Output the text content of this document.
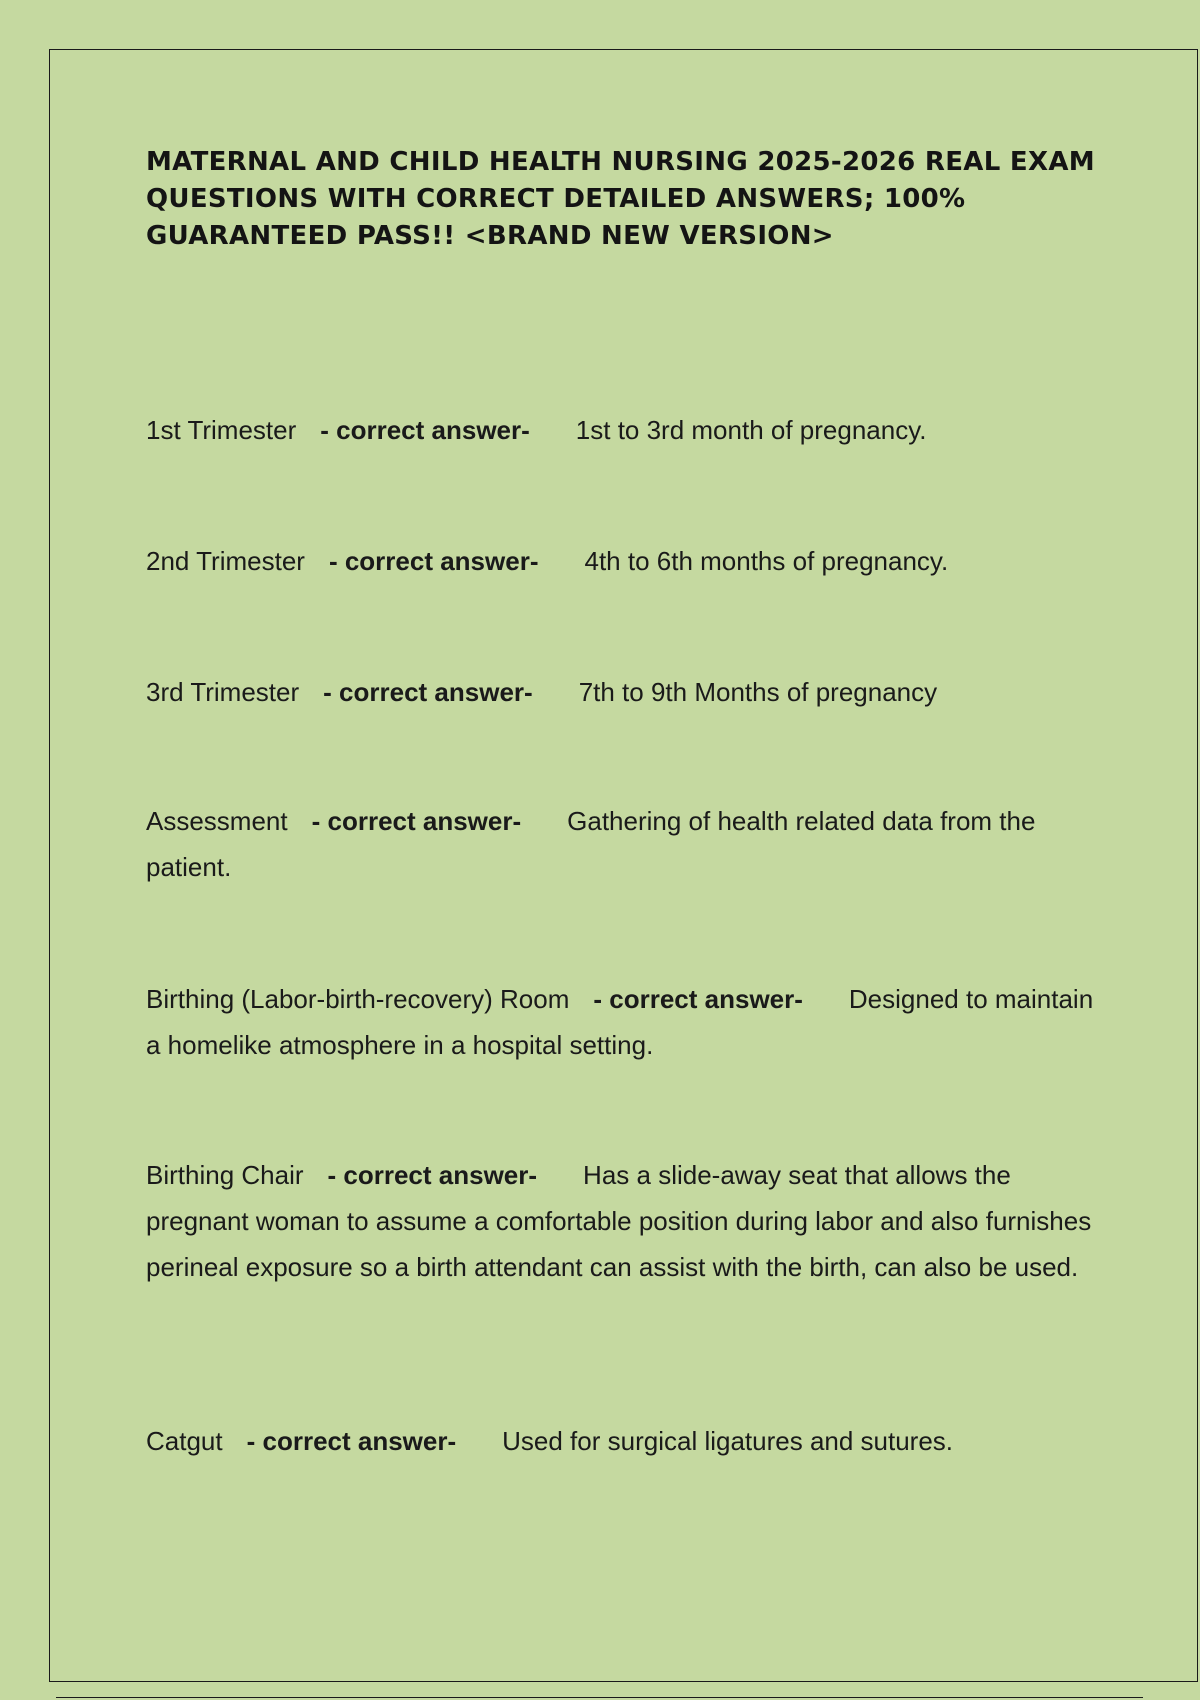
MATERNAL AND CHILD HEALTH NURSING 2025-2026 REAL EXAM QUESTIONS WITH CORRECT DETAILED ANSWERS; 100% GUARANTEED PASS!! <BRAND NEW VERSION>

1st Trimester - correct answer- 1st to 3rd month of pregnancy.

2nd Trimester - correct answer- 4th to 6th months of pregnancy.

3rd Trimester - correct answer- 7th to 9th Months of pregnancy

Assessment - correct answer- Gathering of health related data from the patient.

Birthing (Labor-birth-recovery) Room - correct answer- Designed to maintain a homelike atmosphere in a hospital setting.

Birthing Chair - correct answer- Has a slide-away seat that allows the pregnant woman to assume a comfortable position during labor and also furnishes perineal exposure so a birth attendant can assist with the birth, can also be used.

Catgut - correct answer- Used for surgical ligatures and sutures.
